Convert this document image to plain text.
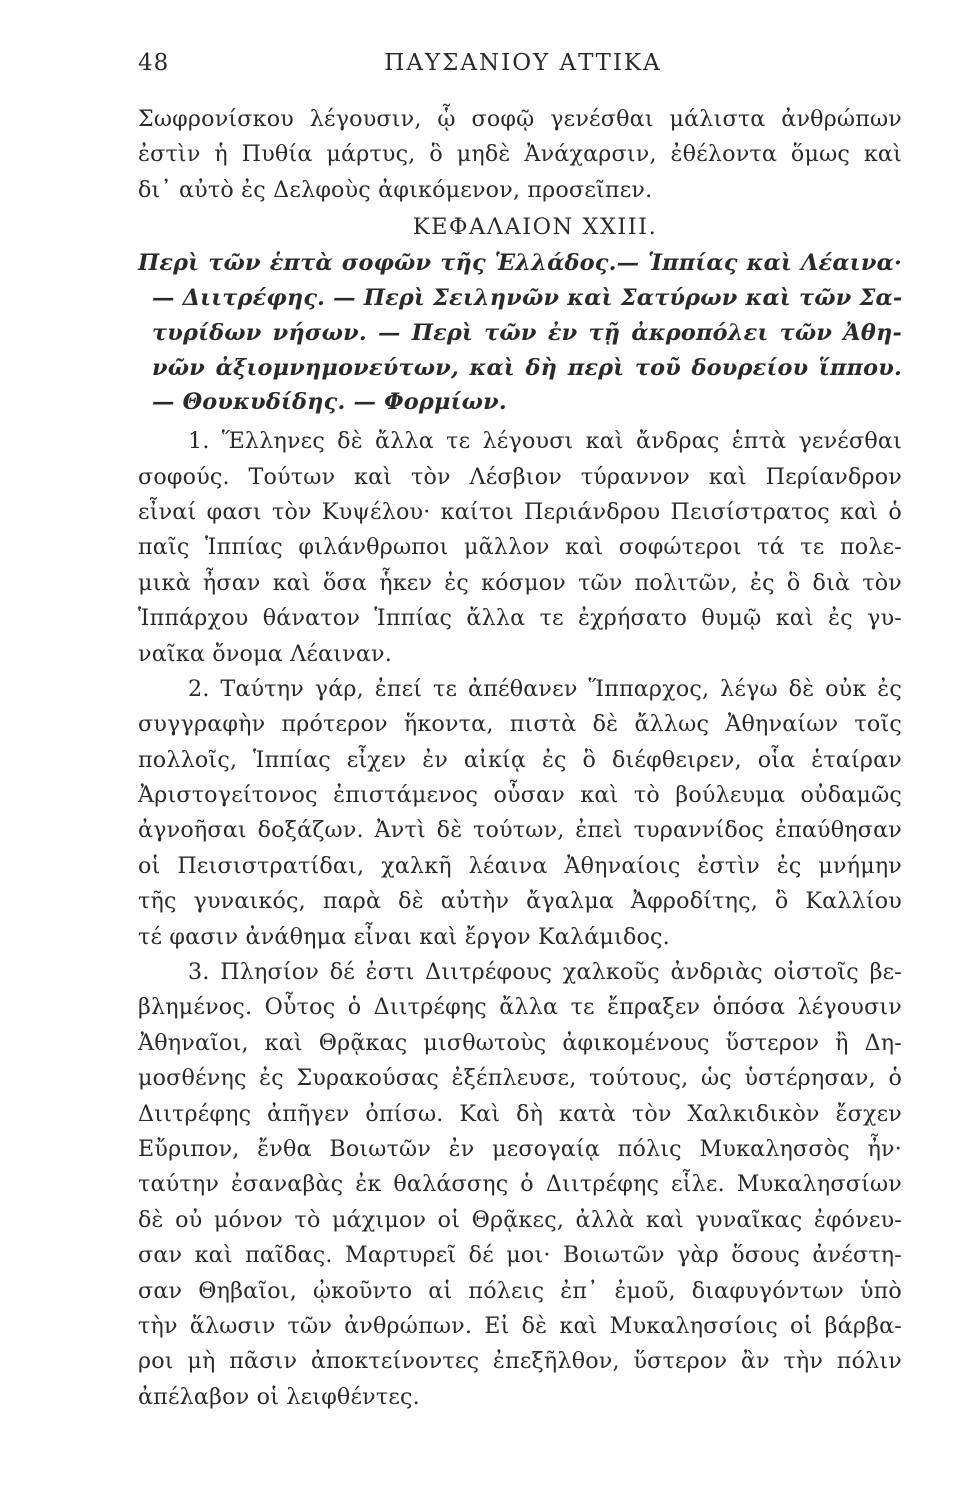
48	ΠΑΥΣΑΝΙΟΥ ΑΤΤΙΚΑ
Σωφρονίσκου λέγουσιν, ᾧ σοφῷ γενέσθαι μάλιστα ἀνθρώπων
ἐστὶν ἡ Πυθία μάρτυς, ὃ μηδὲ Ἀνάχαρσιν, ἐθέλοντα ὅμως καὶ
δι᾽ αὐτὸ ἐς Δελφοὺς ἀφικόμενον, προσεῖπεν.
ΚΕΦΑΛΑΙΟΝ XXIII.
Περὶ τῶν ἑπτὰ σοφῶν τῆς Ἑλλάδος.— Ἱππίας καὶ Λέαινα·
— Διιτρέφης. — Περὶ Σειληνῶν καὶ Σατύρων καὶ τῶν Σα-
τυρίδων νήσων. — Περὶ τῶν ἐν τῇ ἀκροπόλει τῶν Ἀθη-
νῶν ἀξιομνημονεύτων, καὶ δὴ περὶ τοῦ δουρείου ἵππου.
— Θουκυδίδης. — Φορμίων.
1. Ἕλληνες δὲ ἄλλα τε λέγουσι καὶ ἄνδρας ἑπτὰ γενέσθαι
σοφούς. Τούτων καὶ τὸν Λέσβιον τύραννον καὶ Περίανδρον
εἶναί φασι τὸν Κυψέλου· καίτοι Περιάνδρου Πεισίστρατος καὶ ὁ
παῖς Ἱππίας φιλάνθρωποι μᾶλλον καὶ σοφώτεροι τά τε πολε-
μικὰ ἦσαν καὶ ὅσα ἧκεν ἐς κόσμον τῶν πολιτῶν, ἐς ὃ διὰ τὸν
Ἱππάρχου θάνατον Ἱππίας ἄλλα τε ἐχρήσατο θυμῷ καὶ ἐς γυ-
ναῖκα ὄνομα Λέαιναν.
2. Ταύτην γάρ, ἐπεί τε ἀπέθανεν Ἵππαρχος, λέγω δὲ οὐκ ἐς
συγγραφὴν πρότερον ἥκοντα, πιστὰ δὲ ἄλλως Ἀθηναίων τοῖς
πολλοῖς, Ἱππίας εἶχεν ἐν αἰκίᾳ ἐς ὃ διέφθειρεν, οἷα ἑταίραν
Ἀριστογείτονος ἐπιστάμενος οὖσαν καὶ τὸ βούλευμα οὐδαμῶς
ἀγνοῆσαι δοξάζων. Ἀντὶ δὲ τούτων, ἐπεὶ τυραννίδος ἐπαύθησαν
οἱ Πεισιστρατίδαι, χαλκῆ λέαινα Ἀθηναίοις ἐστὶν ἐς μνήμην
τῆς γυναικός, παρὰ δὲ αὐτὴν ἄγαλμα Ἀφροδίτης, ὃ Καλλίου
τέ φασιν ἀνάθημα εἶναι καὶ ἔργον Καλάμιδος.
3. Πλησίον δέ ἐστι Διιτρέφους χαλκοῦς ἀνδριὰς οἰστοῖς βε-
βλημένος. Οὗτος ὁ Διιτρέφης ἄλλα τε ἔπραξεν ὁπόσα λέγουσιν
Ἀθηναῖοι, καὶ Θρᾷκας μισθωτοὺς ἀφικομένους ὕστερον ἢ Δη-
μοσθένης ἐς Συρακούσας ἐξέπλευσε, τούτους, ὡς ὑστέρησαν, ὁ
Διιτρέφης ἀπῆγεν ὀπίσω. Καὶ δὴ κατὰ τὸν Χαλκιδικὸν ἔσχεν
Εὔριπον, ἔνθα Βοιωτῶν ἐν μεσογαίᾳ πόλις Μυκαλησσὸς ἦν·
ταύτην ἐσαναβὰς ἐκ θαλάσσης ὁ Διιτρέφης εἷλε. Μυκαλησσίων
δὲ οὐ μόνον τὸ μάχιμον οἱ Θρᾷκες, ἀλλὰ καὶ γυναῖκας ἐφόνευ-
σαν καὶ παῖδας. Μαρτυρεῖ δέ μοι· Βοιωτῶν γὰρ ὅσους ἀνέστη-
σαν Θηβαῖοι, ᾠκοῦντο αἱ πόλεις ἐπ᾽ ἐμοῦ, διαφυγόντων ὑπὸ
τὴν ἅλωσιν τῶν ἀνθρώπων. Εἰ δὲ καὶ Μυκαλησσίοις οἱ βάρβα-
ροι μὴ πᾶσιν ἀποκτείνοντες ἐπεξῆλθον, ὕστερον ἂν τὴν πόλιν
ἀπέλαβον οἱ λειφθέντες.
